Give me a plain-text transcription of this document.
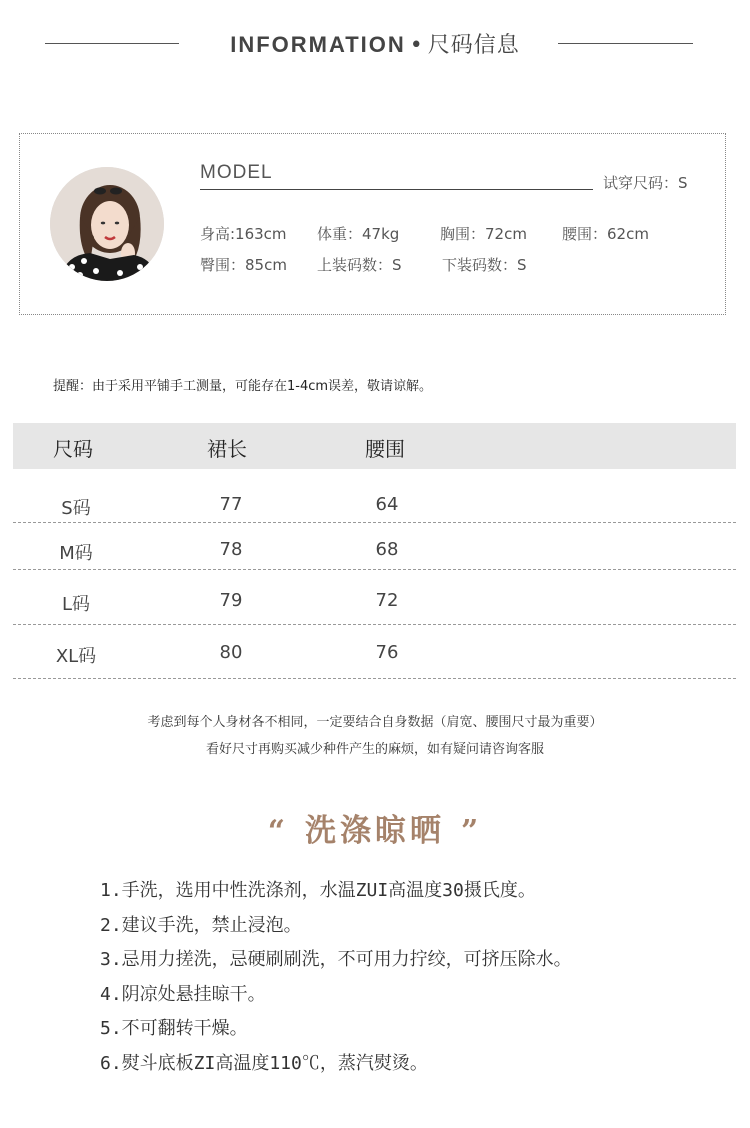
INFORMATION • 尺码信息
MODEL	试穿尺码：S
身高:163cm 体重：47kg	胸围：72cm 腰围：62cm
臀围：85cm 上装码数：S	下装码数：S
提醒：由于采用平铺手工测量，可能存在1-4cm误差，敬请谅解。
尺码	裙长	腰围
S码	77	64
M码	78	68
L码	79	72
XL码	80	76
考虑到每个人身材各不相同，一定要结合自身数据（肩宽、腰围尺寸最为重要）
看好尺寸再购买减少种件产生的麻烦，如有疑问请咨询客服
“ 洗涤晾晒 ”
1.手洗，选用中性洗涤剂，水温ZUI高温度30摄氏度。
2.建议手洗，禁止浸泡。
3.忌用力搓洗，忌硬刷刷洗，不可用力拧绞，可挤压除水。
4.阴凉处悬挂晾干。
5.不可翻转干燥。
6.熨斗底板ZI高温度110℃，蒸汽熨烫。
